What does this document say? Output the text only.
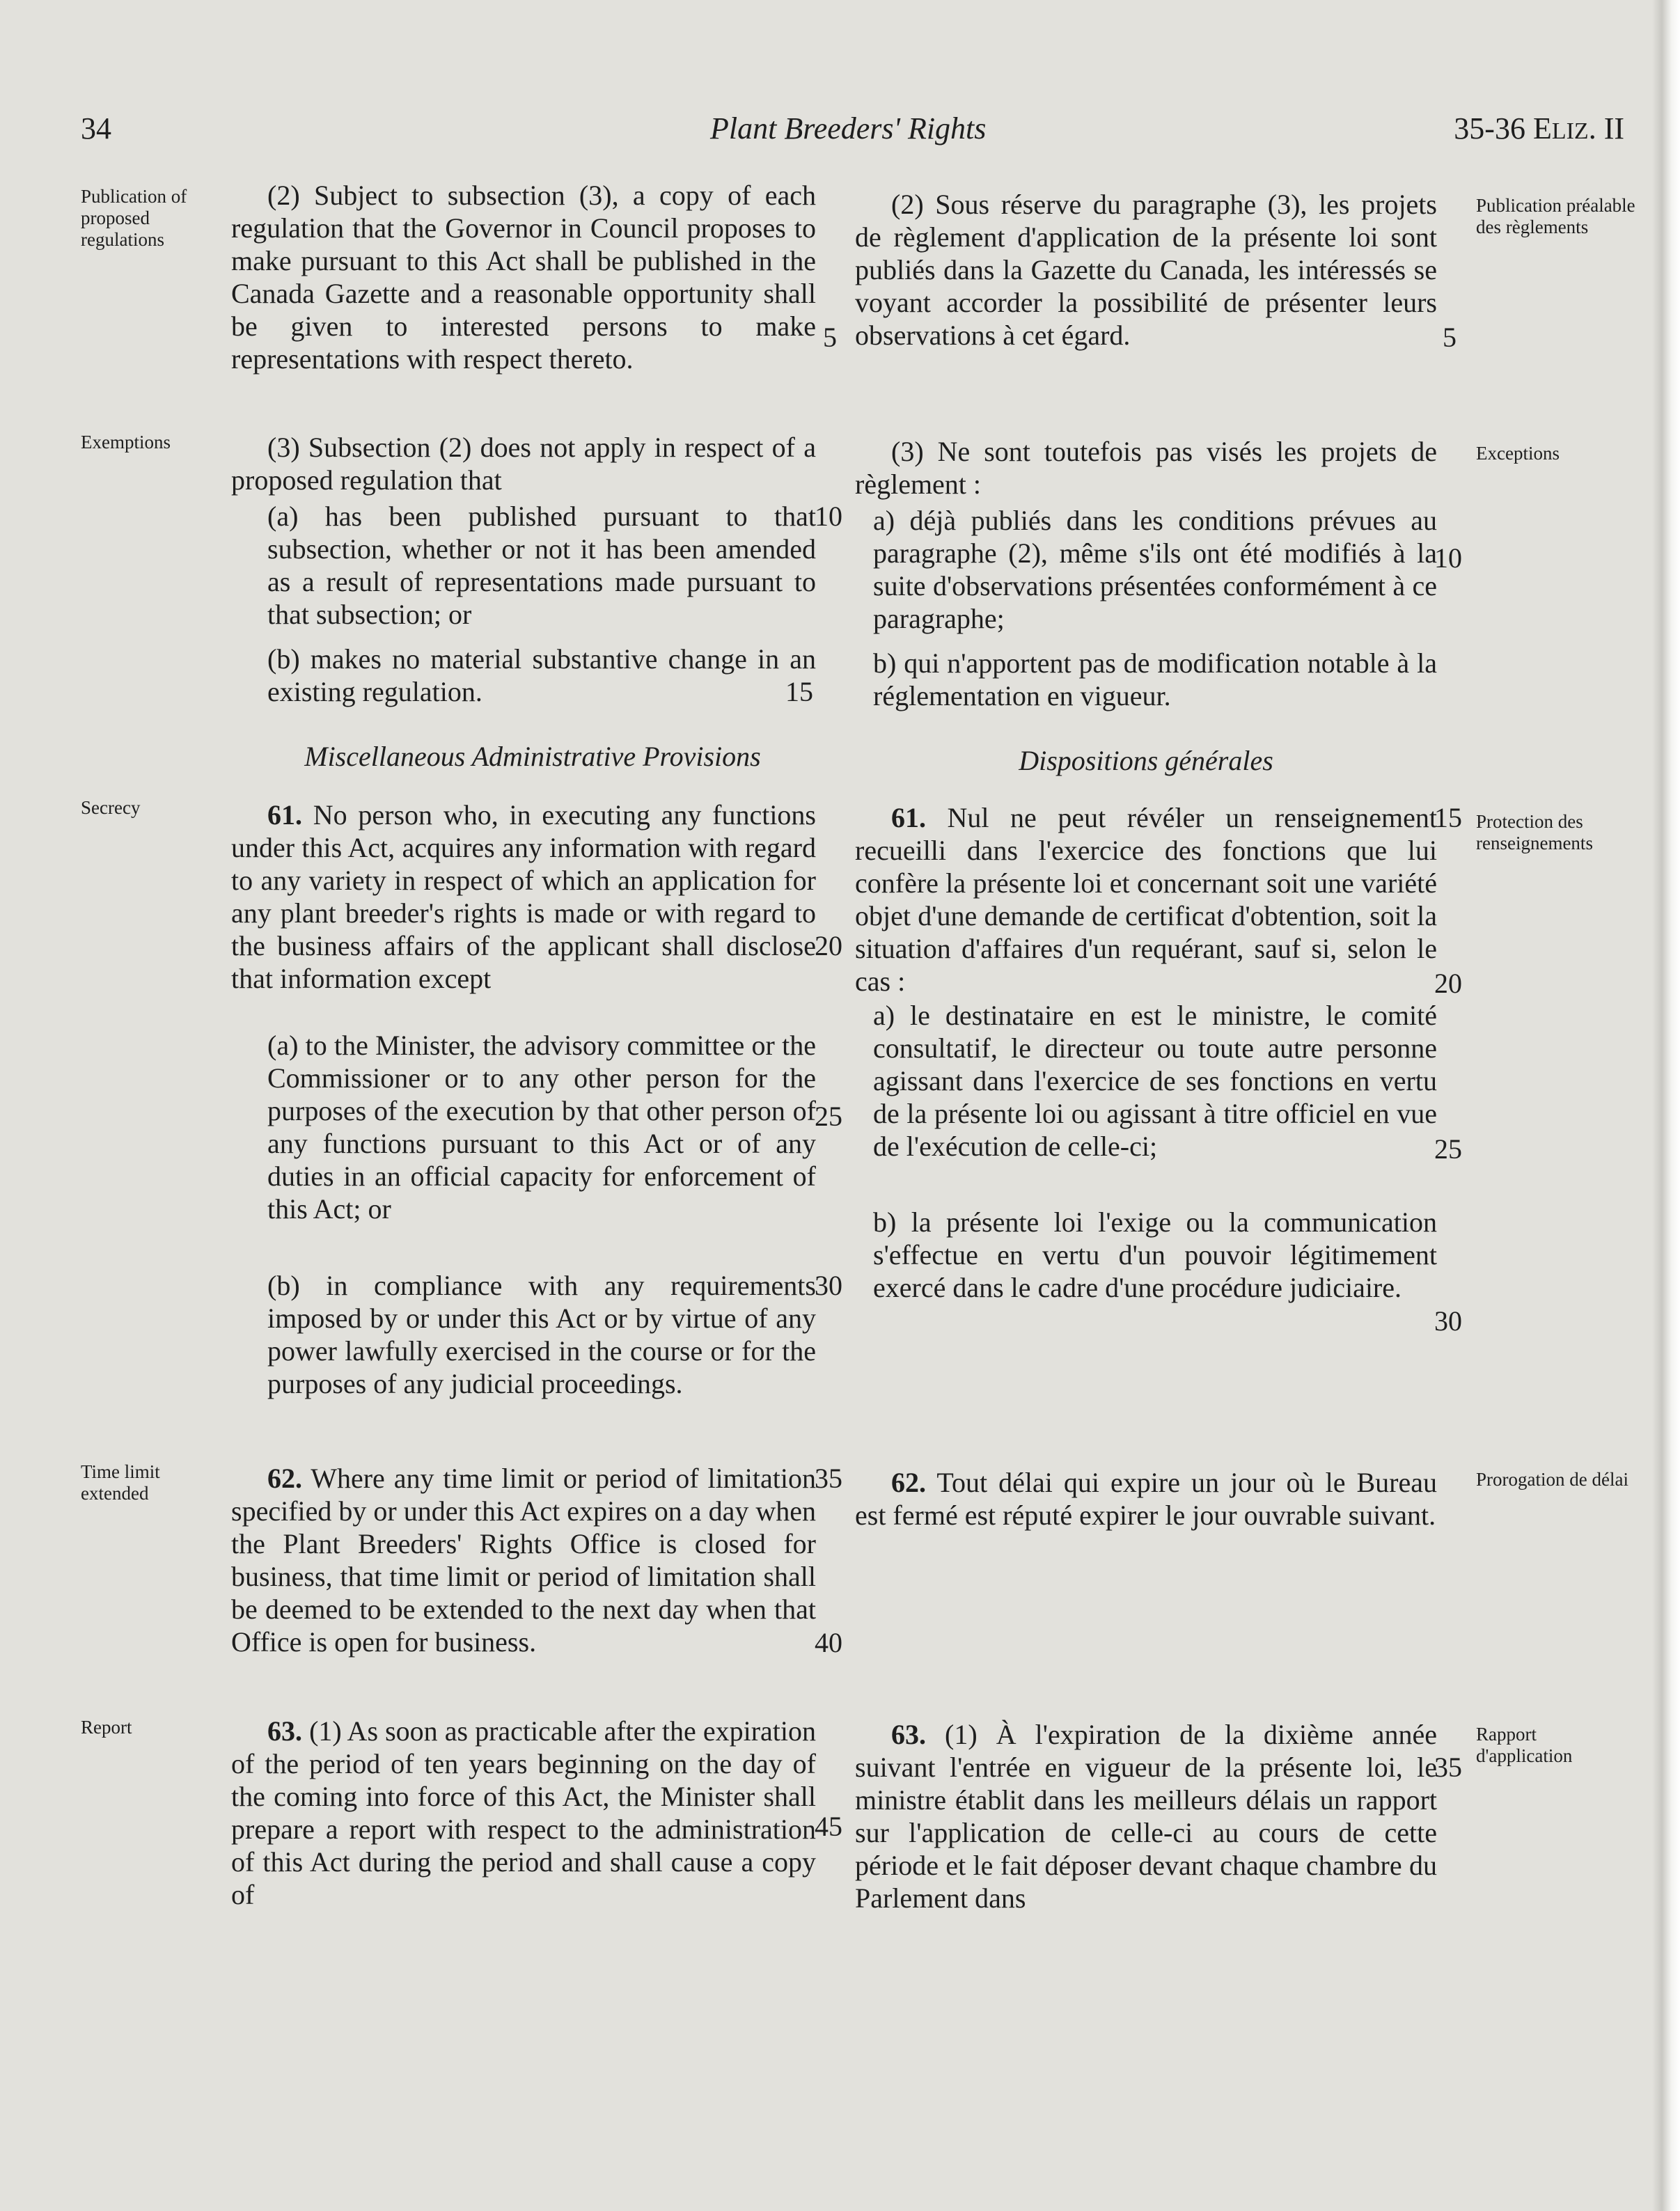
34	Plant Breeders' Rights	35-36 ELIZ. II
Publication of proposed regulations
Exemptions
Secrecy
Time limit extended
Report
Publication préalable des règlements
Exceptions
Protection des renseignements
Prorogation de délai
Rapport d'application
(2) Subject to subsection (3), a copy of each regulation that the Governor in Council proposes to make pursuant to this Act shall be published in the Canada Gazette and a reasonable opportunity shall be given to interested persons to make representations with respect thereto.
(3) Subsection (2) does not apply in respect of a proposed regulation that
(a) has been published pursuant to that subsection, whether or not it has been amended as a result of representations made pursuant to that subsection; or
(b) makes no material substantive change in an existing regulation.
Miscellaneous Administrative Provisions
61. No person who, in executing any functions under this Act, acquires any information with regard to any variety in respect of which an application for any plant breeder's rights is made or with regard to the business affairs of the applicant shall disclose that information except
(a) to the Minister, the advisory committee or the Commissioner or to any other person for the purposes of the execution by that other person of any functions pursuant to this Act or of any duties in an official capacity for enforcement of this Act; or
(b) in compliance with any requirements imposed by or under this Act or by virtue of any power lawfully exercised in the course or for the purposes of any judicial proceedings.
62. Where any time limit or period of limitation specified by or under this Act expires on a day when the Plant Breeders' Rights Office is closed for business, that time limit or period of limitation shall be deemed to be extended to the next day when that Office is open for business.
63. (1) As soon as practicable after the expiration of the period of ten years beginning on the day of the coming into force of this Act, the Minister shall prepare a report with respect to the administration of this Act during the period and shall cause a copy of
(2) Sous réserve du paragraphe (3), les projets de règlement d'application de la présente loi sont publiés dans la Gazette du Canada, les intéressés se voyant accorder la possibilité de présenter leurs observations à cet égard.
(3) Ne sont toutefois pas visés les projets de règlement :
a) déjà publiés dans les conditions prévues au paragraphe (2), même s'ils ont été modifiés à la suite d'observations présentées conformément à ce paragraphe;
b) qui n'apportent pas de modification notable à la réglementation en vigueur.
Dispositions générales
61. Nul ne peut révéler un renseignement recueilli dans l'exercice des fonctions que lui confère la présente loi et concernant soit une variété objet d'une demande de certificat d'obtention, soit la situation d'affaires d'un requérant, sauf si, selon le cas :
a) le destinataire en est le ministre, le comité consultatif, le directeur ou toute autre personne agissant dans l'exercice de ses fonctions en vertu de la présente loi ou agissant à titre officiel en vue de l'exécution de celle-ci;
b) la présente loi l'exige ou la communication s'effectue en vertu d'un pouvoir légitimement exercé dans le cadre d'une procédure judiciaire.
62. Tout délai qui expire un jour où le Bureau est fermé est réputé expirer le jour ouvrable suivant.
63. (1) À l'expiration de la dixième année suivant l'entrée en vigueur de la présente loi, le ministre établit dans les meilleurs délais un rapport sur l'application de celle-ci au cours de cette période et le fait déposer devant chaque chambre du Parlement dans
5
10
15
20
25
30
35
40
45
5
10
15
20
25
30
35
